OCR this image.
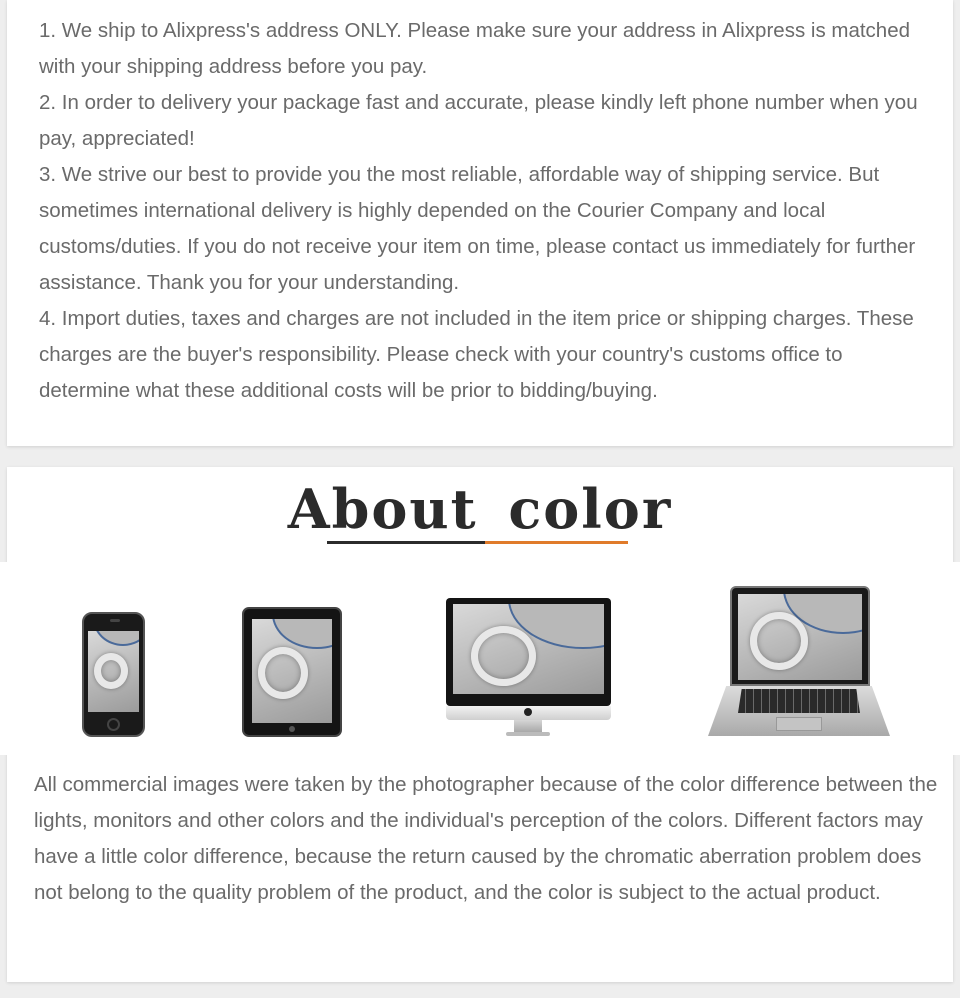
1. We ship to Alixpress's address ONLY. Please make sure your address in Alixpress is matched with your shipping address before you pay.
2. In order to delivery your package fast and accurate, please kindly left phone number when you pay, appreciated!
3. We strive our best to provide you the most reliable, affordable way of shipping service. But sometimes international delivery is highly depended on the Courier Company and local customs/duties. If you do not receive your item on time, please contact us immediately for further assistance. Thank you for your understanding.
4. Import duties, taxes and charges are not included in the item price or shipping charges. These charges are the buyer's responsibility. Please check with your country's customs office to determine what these additional costs will be prior to bidding/buying.
About color
All commercial images were taken by the photographer because of the color difference between the lights, monitors and other colors and the individual's perception of the colors. Different factors may have a little color difference, because the return caused by the chromatic aberration problem does not belong to the quality problem of the product, and the color is subject to the actual product.
